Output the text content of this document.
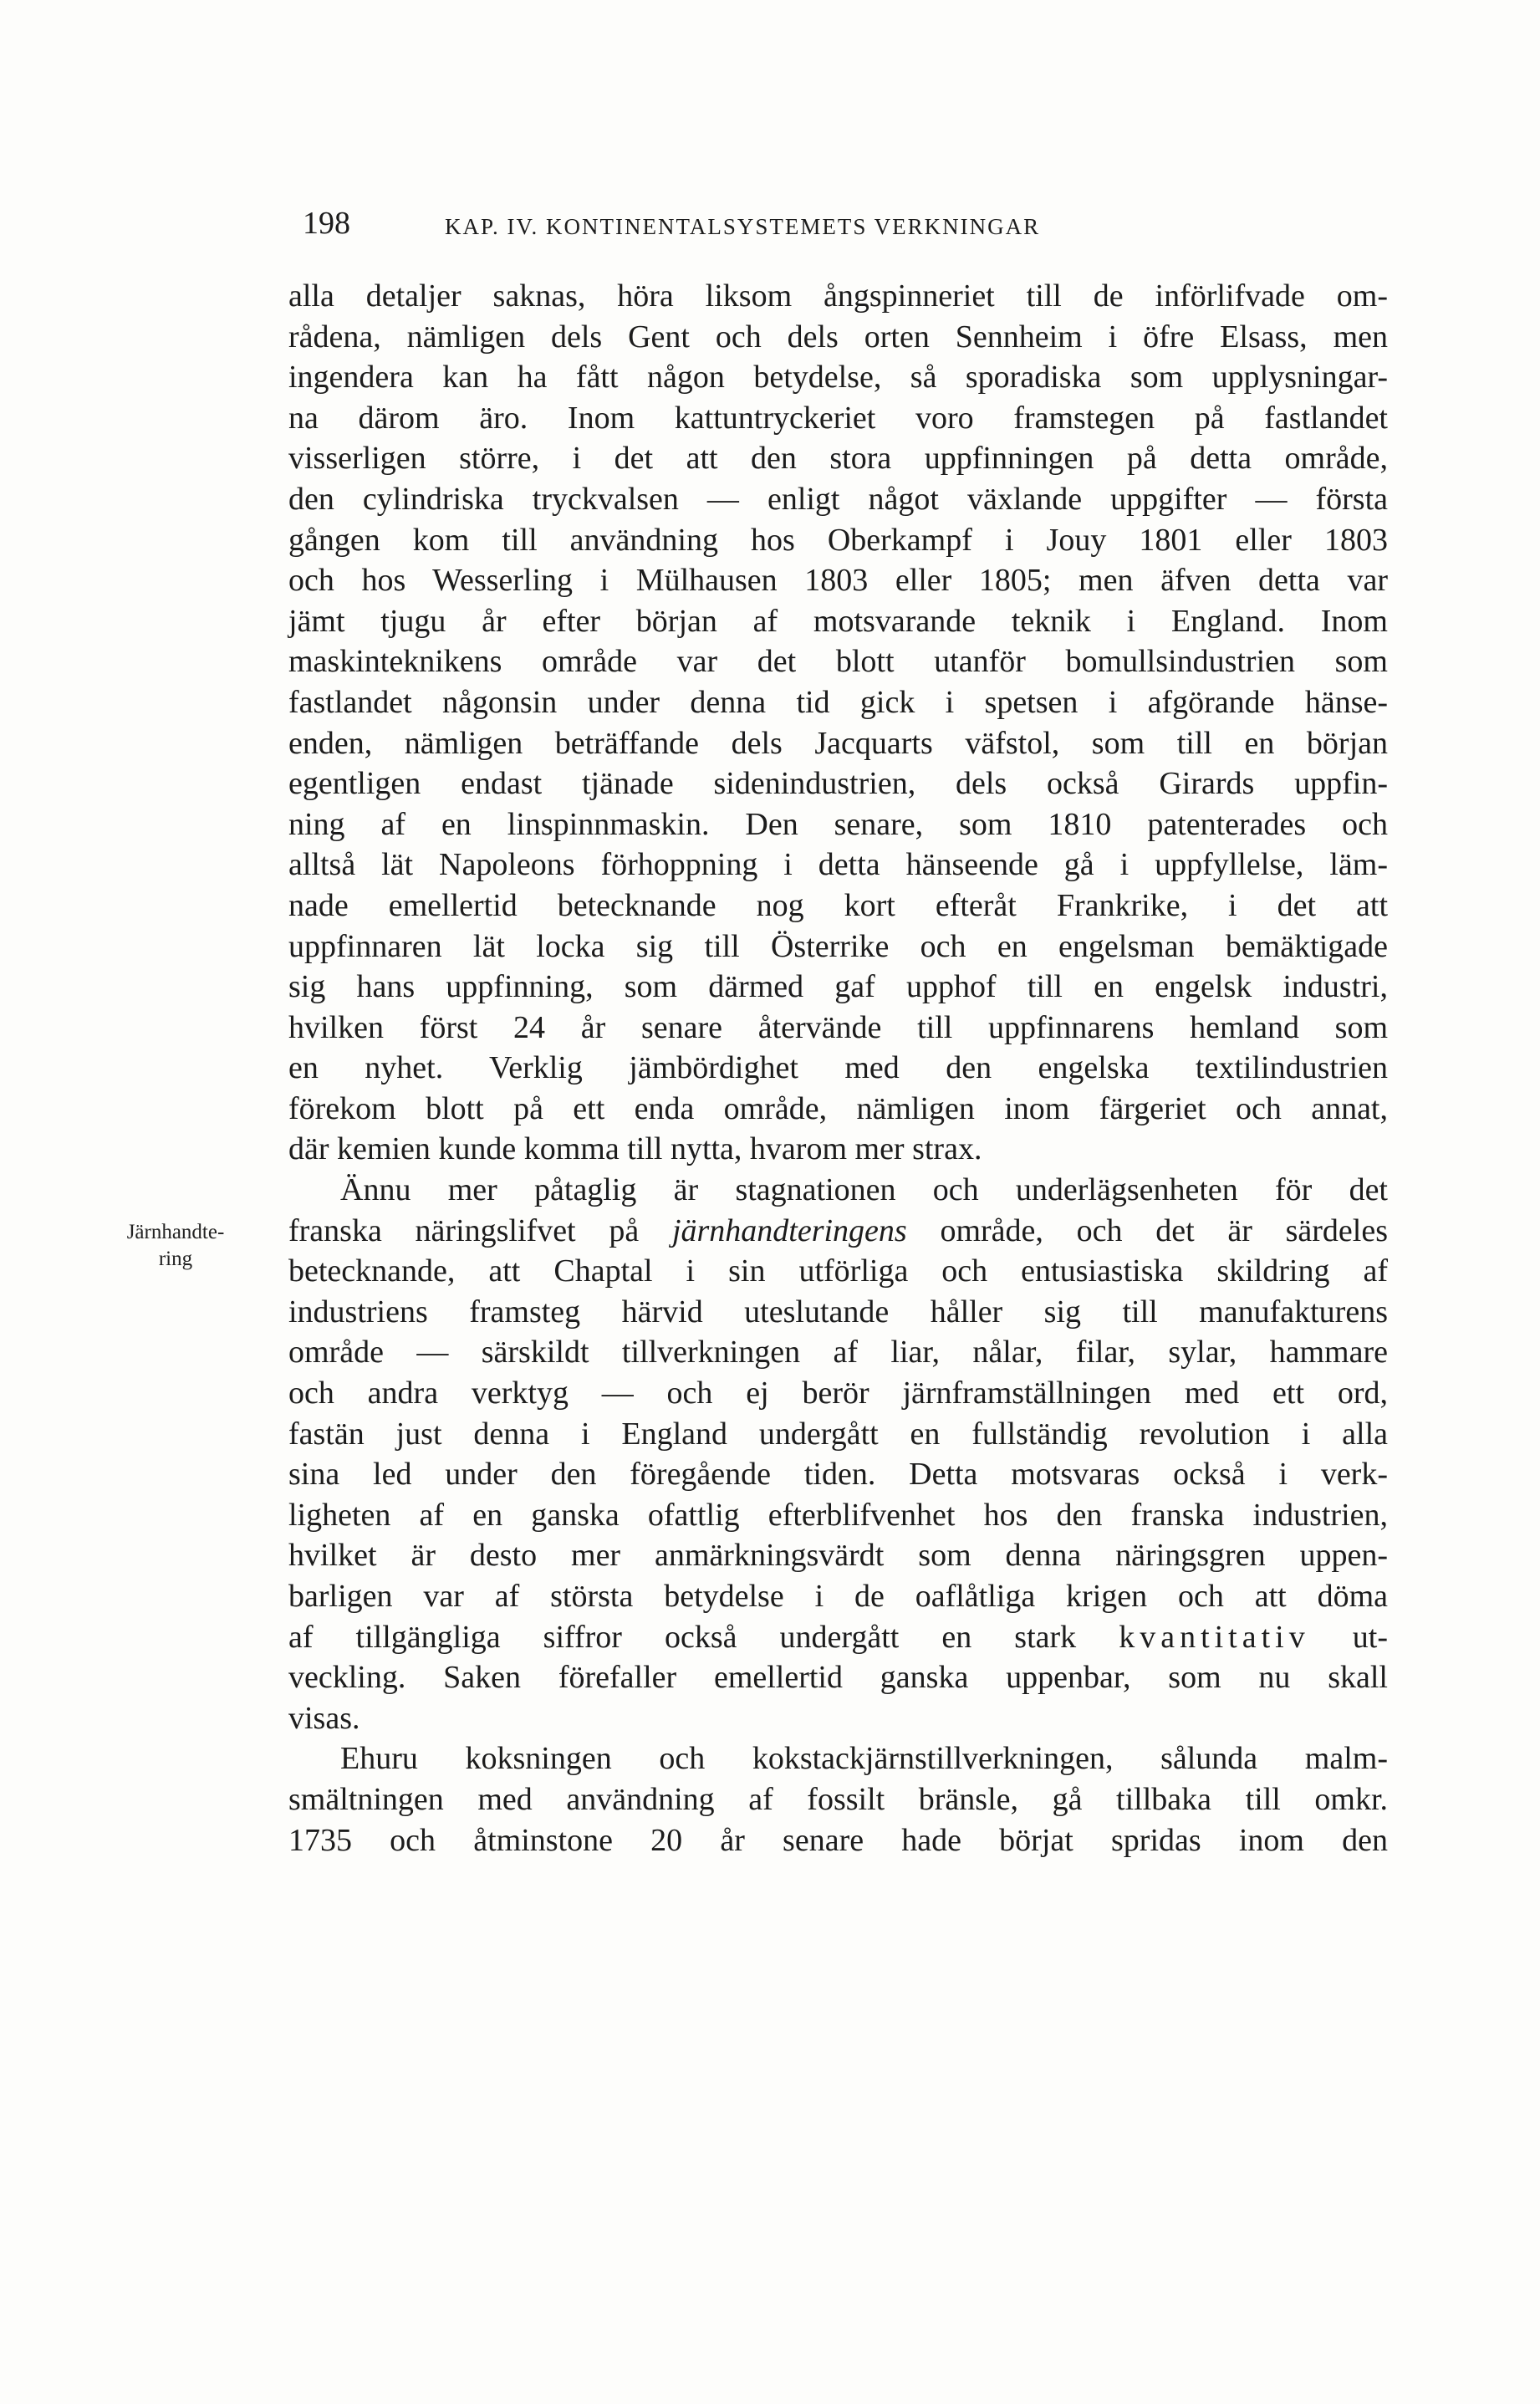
198	KAP. IV. KONTINENTALSYSTEMETS VERKNINGAR
Järnhandte-
ring
alla detaljer saknas, höra liksom ångspinneriet till de införlifvade om-
rådena, nämligen dels Gent och dels orten Sennheim i öfre Elsass, men
ingendera kan ha fått någon betydelse, så sporadiska som upplysningar-
na därom äro. Inom kattuntryckeriet voro framstegen på fastlandet
visserligen större, i det att den stora uppfinningen på detta område,
den cylindriska tryckvalsen — enligt något växlande uppgifter — första
gången kom till användning hos Oberkampf i Jouy 1801 eller 1803
och hos Wesserling i Mülhausen 1803 eller 1805; men äfven detta var
jämt tjugu år efter början af motsvarande teknik i England. Inom
maskinteknikens område var det blott utanför bomullsindustrien som
fastlandet någonsin under denna tid gick i spetsen i afgörande hänse-
enden, nämligen beträffande dels Jacquarts väfstol, som till en början
egentligen endast tjänade sidenindustrien, dels också Girards uppfin-
ning af en linspinnmaskin. Den senare, som 1810 patenterades och
alltså lät Napoleons förhoppning i detta hänseende gå i uppfyllelse, läm-
nade emellertid betecknande nog kort efteråt Frankrike, i det att
uppfinnaren lät locka sig till Österrike och en engelsman bemäktigade
sig hans uppfinning, som därmed gaf upphof till en engelsk industri,
hvilken först 24 år senare återvände till uppfinnarens hemland som
en nyhet. Verklig jämbördighet med den engelska textilindustrien
förekom blott på ett enda område, nämligen inom färgeriet och annat,
där kemien kunde komma till nytta, hvarom mer strax.
Ännu mer påtaglig är stagnationen och underlägsenheten för det
franska näringslifvet på järnhandteringens område, och det är särdeles
betecknande, att Chaptal i sin utförliga och entusiastiska skildring af
industriens framsteg härvid uteslutande håller sig till manufakturens
område — särskildt tillverkningen af liar, nålar, filar, sylar, hammare
och andra verktyg — och ej berör järnframställningen med ett ord,
fastän just denna i England undergått en fullständig revolution i alla
sina led under den föregående tiden. Detta motsvaras också i verk-
ligheten af en ganska ofattlig efterblifvenhet hos den franska industrien,
hvilket är desto mer anmärkningsvärdt som denna näringsgren uppen-
barligen var af största betydelse i de oaflåtliga krigen och att döma
af tillgängliga siffror också undergått en stark kvantitativ ut-
veckling. Saken förefaller emellertid ganska uppenbar, som nu skall
visas.
Ehuru koksningen och kokstackjärnstillverkningen, sålunda malm-
smältningen med användning af fossilt bränsle, gå tillbaka till omkr.
1735 och åtminstone 20 år senare hade börjat spridas inom den
